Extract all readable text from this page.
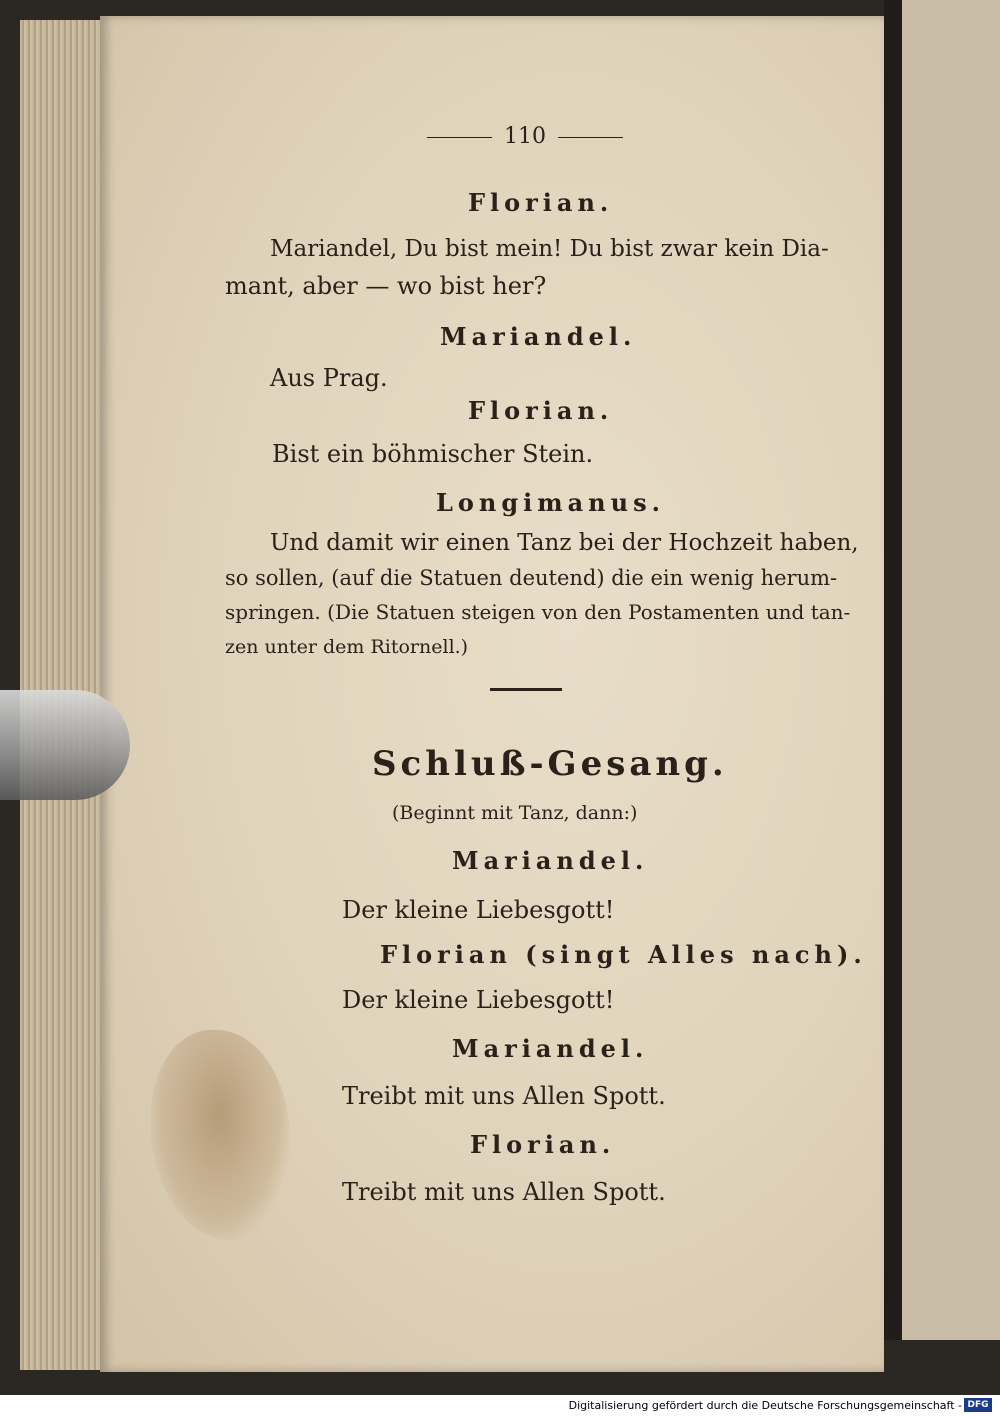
110
Florian.
Mariandel, Du bist mein! Du bist zwar kein Dia-
mant, aber — wo bist her?
Mariandel.
Aus Prag.
Florian.
Bist ein böhmischer Stein.
Longimanus.
Und damit wir einen Tanz bei der Hochzeit haben,
so sollen, (auf die Statuen deutend) die ein wenig herum-
springen. (Die Statuen steigen von den Postamenten und tan-
zen unter dem Ritornell.)
Schluß-Gesang.
(Beginnt mit Tanz, dann:)
Mariandel.
Der kleine Liebesgott!
Florian (singt Alles nach).
Der kleine Liebesgott!
Mariandel.
Treibt mit uns Allen Spott.
Florian.
Treibt mit uns Allen Spott.
Digitalisierung gefördert durch die Deutsche Forschungsgemeinschaft - DFG
